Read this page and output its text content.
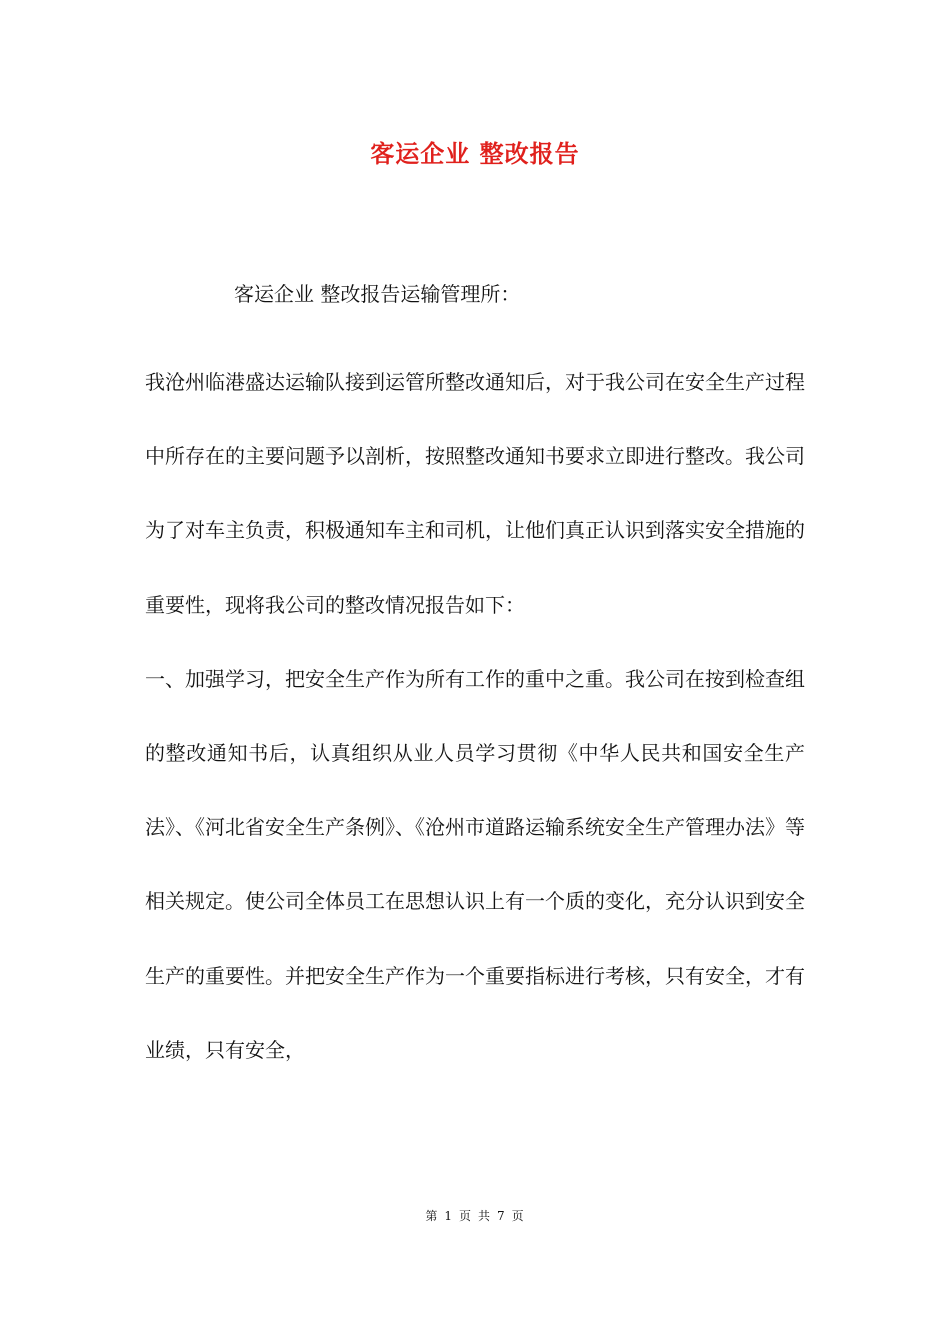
客运企业 整改报告
客运企业 整改报告运输管理所：

我沧州临港盛达运输队接到运管所整改通知后，对于我公司在安全生产过程中所存在的主要问题予以剖析，按照整改通知书要求立即进行整改。我公司为了对车主负责，积极通知车主和司机，让他们真正认识到落实安全措施的重要性，现将我公司的整改情况报告如下：

一、加强学习，把安全生产作为所有工作的重中之重。我公司在按到检查组的整改通知书后，认真组织从业人员学习贯彻《中华人民共和国安全生产法》、《河北省安全生产条例》、《沧州市道路运输系统安全生产管理办法》等相关规定。使公司全体员工在思想认识上有一个质的变化，充分认识到安全生产的重要性。并把安全生产作为一个重要指标进行考核，只有安全，才有业绩，只有安全，

第 1 页 共 7 页
